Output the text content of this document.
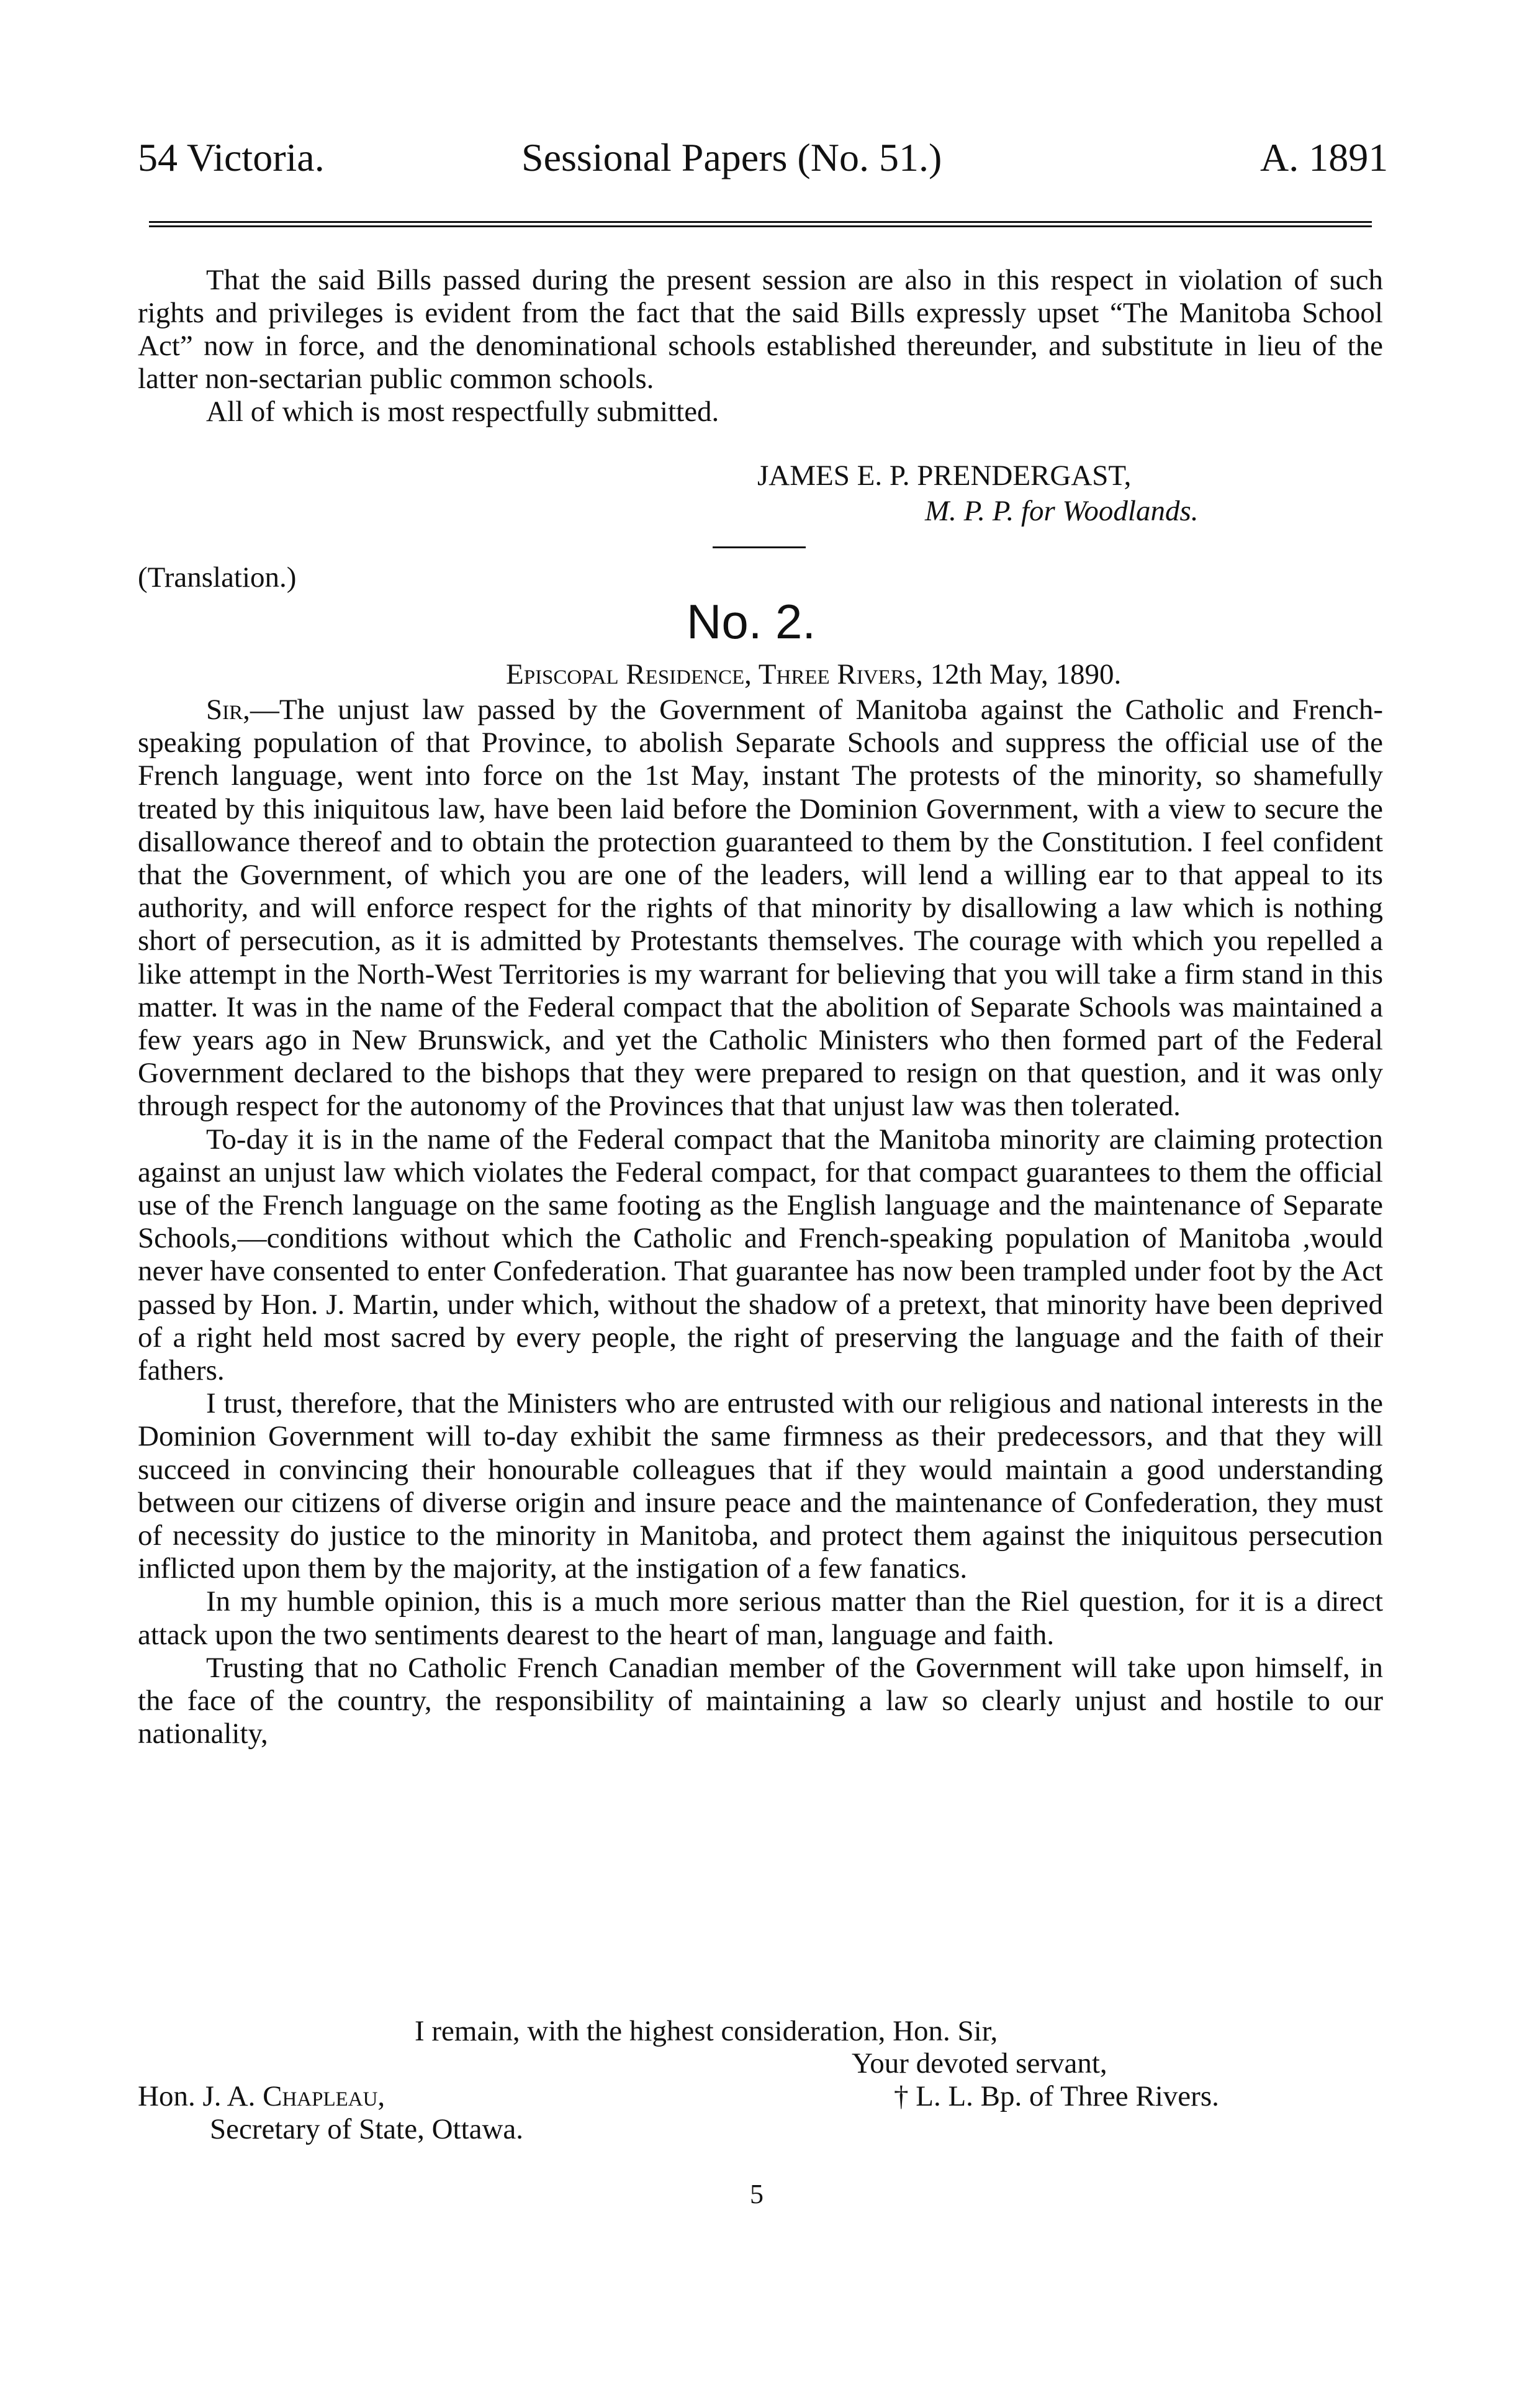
54 Victoria.	Sessional Papers (No. 51.)	A. 1891

That the said Bills passed during the present session are also in this respect in violation of such rights and privileges is evident from the fact that the said Bills expressly upset “The Manitoba School Act” now in force, and the denominational schools established thereunder, and substitute in lieu of the latter non-sectarian public common schools.

All of which is most respectfully submitted.

JAMES E. P. PRENDERGAST,
M. P. P. for Woodlands.
(Translation.)
No. 2.
Episcopal Residence, Three Rivers, 12th May, 1890.

Sir,—The unjust law passed by the Government of Manitoba against the Catholic and French-speaking population of that Province, to abolish Separate Schools and suppress the official use of the French language, went into force on the 1st May, instant The protests of the minority, so shamefully treated by this iniquitous law, have been laid before the Dominion Government, with a view to secure the disallowance thereof and to obtain the protection guaranteed to them by the Constitution. I feel confident that the Government, of which you are one of the leaders, will lend a willing ear to that appeal to its authority, and will enforce respect for the rights of that minority by disallowing a law which is nothing short of persecution, as it is admitted by Protestants themselves. The courage with which you repelled a like attempt in the North-West Territories is my warrant for believing that you will take a firm stand in this matter. It was in the name of the Federal compact that the abolition of Separate Schools was maintained a few years ago in New Brunswick, and yet the Catholic Ministers who then formed part of the Federal Government declared to the bishops that they were prepared to resign on that question, and it was only through respect for the autonomy of the Provinces that that unjust law was then tolerated.

To-day it is in the name of the Federal compact that the Manitoba minority are claiming protection against an unjust law which violates the Federal compact, for that compact guarantees to them the official use of the French language on the same footing as the English language and the maintenance of Separate Schools,—conditions without which the Catholic and French-speaking population of Manitoba ,would never have consented to enter Confederation. That guarantee has now been trampled under foot by the Act passed by Hon. J. Martin, under which, without the shadow of a pretext, that minority have been deprived of a right held most sacred by every people, the right of preserving the language and the faith of their fathers.

I trust, therefore, that the Ministers who are entrusted with our religious and national interests in the Dominion Government will to-day exhibit the same firmness as their predecessors, and that they will succeed in convincing their honourable colleagues that if they would maintain a good understanding between our citizens of diverse origin and insure peace and the maintenance of Confederation, they must of necessity do justice to the minority in Manitoba, and protect them against the iniquitous persecution inflicted upon them by the majority, at the instigation of a few fanatics.

In my humble opinion, this is a much more serious matter than the Riel question, for it is a direct attack upon the two sentiments dearest to the heart of man, language and faith.

Trusting that no Catholic French Canadian member of the Government will take upon himself, in the face of the country, the responsibility of maintaining a law so clearly unjust and hostile to our nationality,

I remain, with the highest consideration, Hon. Sir,
Your devoted servant,
† L. L. Bp. of Three Rivers.
Hon. J. A. Chapleau,
Secretary of State, Ottawa.
5
